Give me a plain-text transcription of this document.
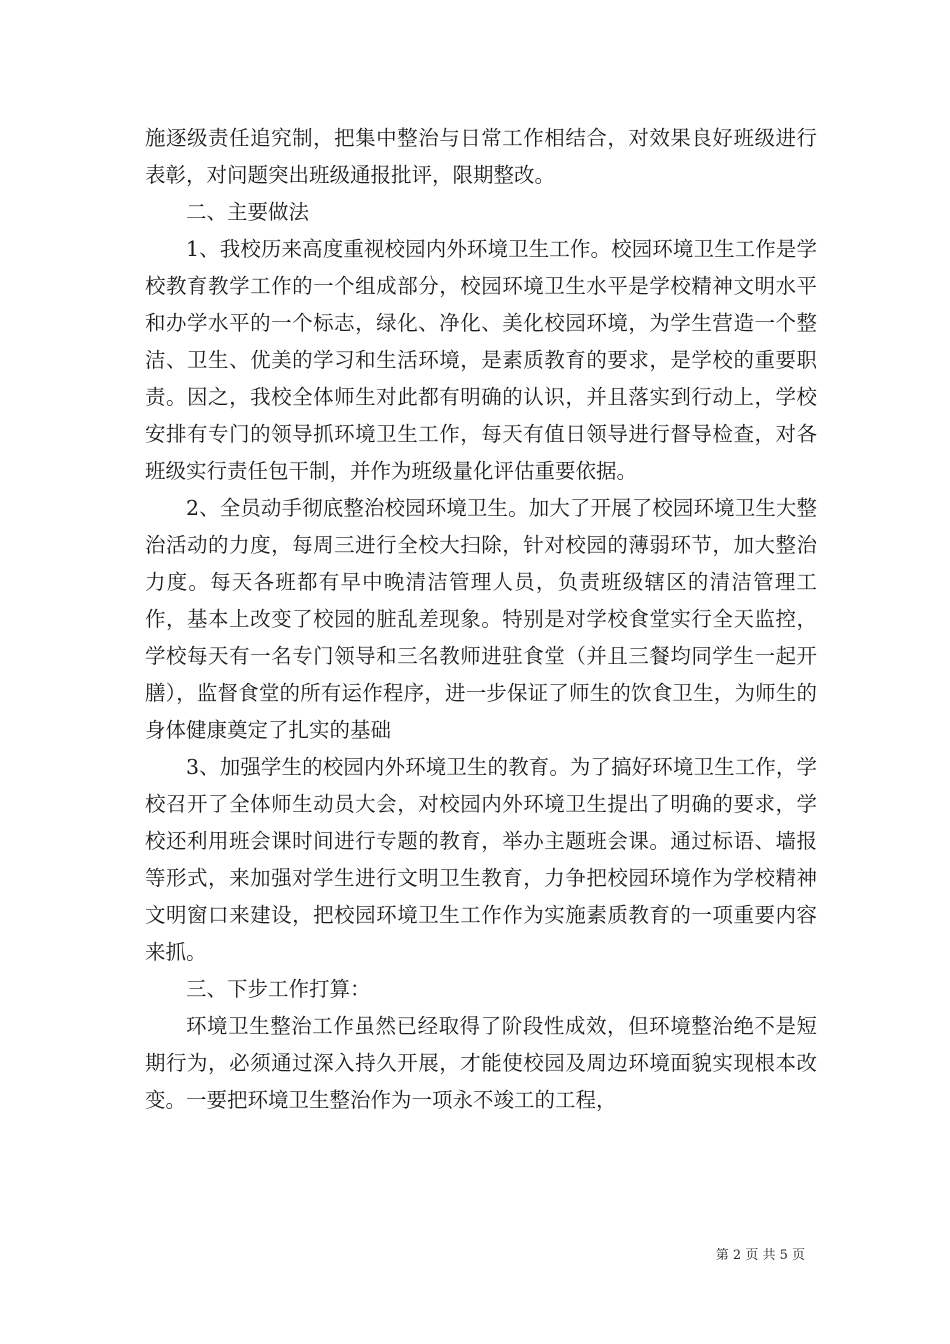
施逐级责任追究制，把集中整治与日常工作相结合，对效果良好班级进行表彰，对问题突出班级通报批评，限期整改。

二、主要做法

1、我校历来高度重视校园内外环境卫生工作。校园环境卫生工作是学校教育教学工作的一个组成部分，校园环境卫生水平是学校精神文明水平和办学水平的一个标志，绿化、净化、美化校园环境，为学生营造一个整洁、卫生、优美的学习和生活环境，是素质教育的要求，是学校的重要职责。因之，我校全体师生对此都有明确的认识，并且落实到行动上，学校安排有专门的领导抓环境卫生工作，每天有值日领导进行督导检查，对各班级实行责任包干制，并作为班级量化评估重要依据。

2、全员动手彻底整治校园环境卫生。加大了开展了校园环境卫生大整治活动的力度，每周三进行全校大扫除，针对校园的薄弱环节，加大整治力度。每天各班都有早中晚清洁管理人员，负责班级辖区的清洁管理工作，基本上改变了校园的脏乱差现象。特别是对学校食堂实行全天监控，学校每天有一名专门领导和三名教师进驻食堂（并且三餐均同学生一起开膳），监督食堂的所有运作程序，进一步保证了师生的饮食卫生，为师生的身体健康奠定了扎实的基础

3、加强学生的校园内外环境卫生的教育。为了搞好环境卫生工作，学校召开了全体师生动员大会，对校园内外环境卫生提出了明确的要求，学校还利用班会课时间进行专题的教育，举办主题班会课。通过标语、墙报等形式，来加强对学生进行文明卫生教育，力争把校园环境作为学校精神文明窗口来建设，把校园环境卫生工作作为实施素质教育的一项重要内容来抓。

三、下步工作打算：

环境卫生整治工作虽然已经取得了阶段性成效，但环境整治绝不是短期行为，必须通过深入持久开展，才能使校园及周边环境面貌实现根本改变。一要把环境卫生整治作为一项永不竣工的工程，

第 2 页 共 5 页
